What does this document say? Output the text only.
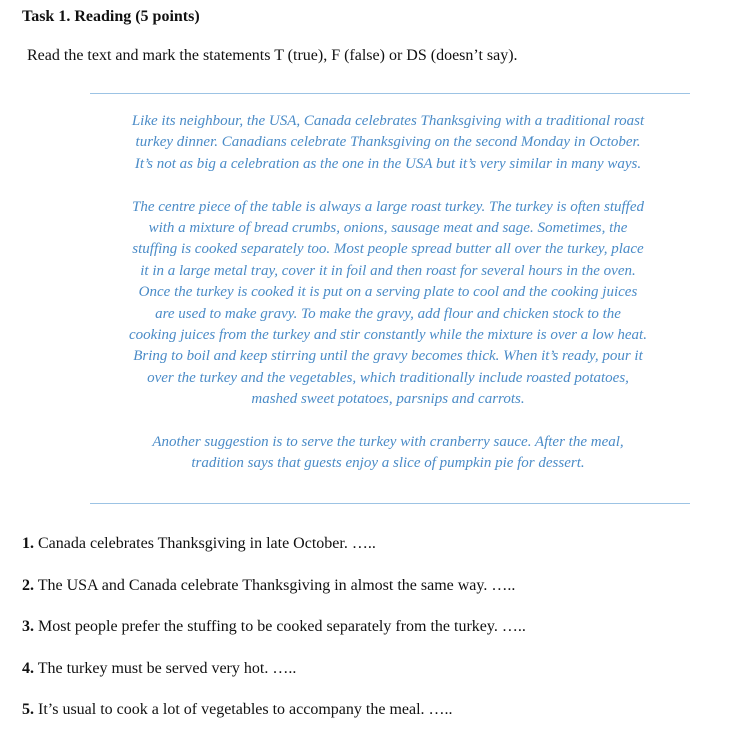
Task 1. Reading (5 points)

Read the text and mark the statements T (true), F (false) or DS (doesn’t say).

Like its neighbour, the USA, Canada celebrates Thanksgiving with a traditional roast
turkey dinner. Canadians celebrate Thanksgiving on the second Monday in October.
It’s not as big a celebration as the one in the USA but it’s very similar in many ways.

The centre piece of the table is always a large roast turkey. The turkey is often stuffed
with a mixture of bread crumbs, onions, sausage meat and sage. Sometimes, the
stuffing is cooked separately too. Most people spread butter all over the turkey, place
it in a large metal tray, cover it in foil and then roast for several hours in the oven.
Once the turkey is cooked it is put on a serving plate to cool and the cooking juices
are used to make gravy. To make the gravy, add flour and chicken stock to the
cooking juices from the turkey and stir constantly while the mixture is over a low heat.
Bring to boil and keep stirring until the gravy becomes thick. When it’s ready, pour it
over the turkey and the vegetables, which traditionally include roasted potatoes,
mashed sweet potatoes, parsnips and carrots.

Another suggestion is to serve the turkey with cranberry sauce. After the meal,
tradition says that guests enjoy a slice of pumpkin pie for dessert.

1. Canada celebrates Thanksgiving in late October. …..
2. The USA and Canada celebrate Thanksgiving in almost the same way. …..
3. Most people prefer the stuffing to be cooked separately from the turkey. …..
4. The turkey must be served very hot. …..
5. It’s usual to cook a lot of vegetables to accompany the meal. …..
